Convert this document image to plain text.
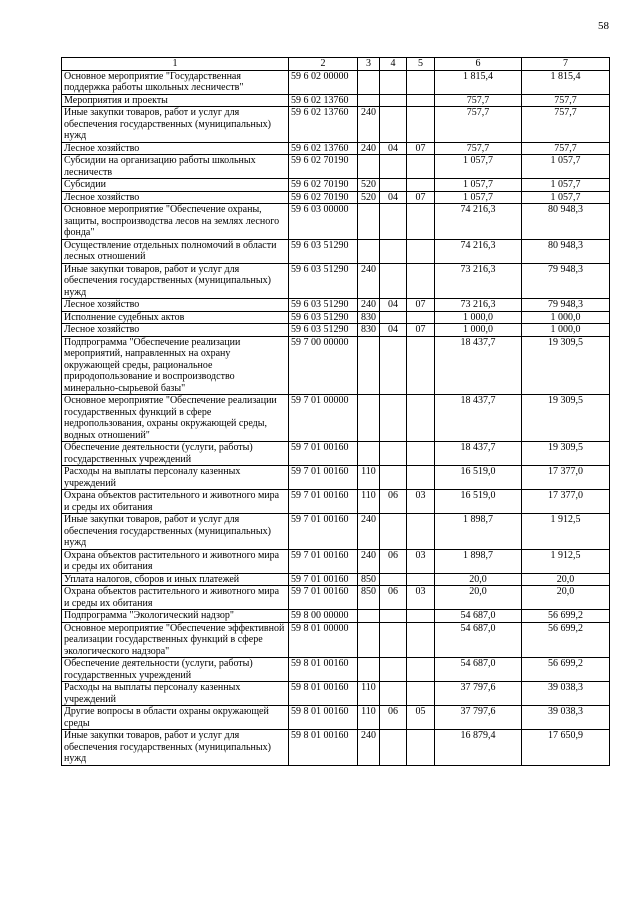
58
1	2	3	4	5	6	7
Основное мероприятие "Государственная поддержка работы школьных лесничеств"	59 6 02 00000				1 815,4	1 815,4
Мероприятия и проекты	59 6 02 13760				757,7	757,7
Иные закупки товаров, работ и услуг для обеспечения государственных (муниципальных) нужд	59 6 02 13760	240			757,7	757,7
Лесное хозяйство	59 6 02 13760	240	04	07	757,7	757,7
Субсидии на организацию работы школьных лесничеств	59 6 02 70190				1 057,7	1 057,7
Субсидии	59 6 02 70190	520			1 057,7	1 057,7
Лесное хозяйство	59 6 02 70190	520	04	07	1 057,7	1 057,7
Основное мероприятие "Обеспечение охраны, защиты, воспроизводства лесов на землях лесного фонда"	59 6 03 00000				74 216,3	80 948,3
Осуществление отдельных полномочий в области лесных отношений	59 6 03 51290				74 216,3	80 948,3
Иные закупки товаров, работ и услуг для обеспечения государственных (муниципальных) нужд	59 6 03 51290	240			73 216,3	79 948,3
Лесное хозяйство	59 6 03 51290	240	04	07	73 216,3	79 948,3
Исполнение судебных актов	59 6 03 51290	830			1 000,0	1 000,0
Лесное хозяйство	59 6 03 51290	830	04	07	1 000,0	1 000,0
Подпрограмма "Обеспечение реализации мероприятий, направленных на охрану окружающей среды, рациональное природопользование и воспроизводство минерально-сырьевой базы"	59 7 00 00000				18 437,7	19 309,5
Основное мероприятие "Обеспечение реализации государственных функций в сфере недропользования, охраны окружающей среды, водных отношений"	59 7 01 00000				18 437,7	19 309,5
Обеспечение деятельности (услуги, работы) государственных учреждений	59 7 01 00160				18 437,7	19 309,5
Расходы на выплаты персоналу казенных учреждений	59 7 01 00160	110			16 519,0	17 377,0
Охрана объектов растительного и животного мира и среды их обитания	59 7 01 00160	110	06	03	16 519,0	17 377,0
Иные закупки товаров, работ и услуг для обеспечения государственных (муниципальных) нужд	59 7 01 00160	240			1 898,7	1 912,5
Охрана объектов растительного и животного мира и среды их обитания	59 7 01 00160	240	06	03	1 898,7	1 912,5
Уплата налогов, сборов и иных платежей	59 7 01 00160	850			20,0	20,0
Охрана объектов растительного и животного мира и среды их обитания	59 7 01 00160	850	06	03	20,0	20,0
Подпрограмма "Экологический надзор"	59 8 00 00000				54 687,0	56 699,2
Основное мероприятие "Обеспечение эффективной реализации государственных функций в сфере экологического надзора"	59 8 01 00000				54 687,0	56 699,2
Обеспечение деятельности (услуги, работы) государственных учреждений	59 8 01 00160				54 687,0	56 699,2
Расходы на выплаты персоналу казенных учреждений	59 8 01 00160	110			37 797,6	39 038,3
Другие вопросы в области охраны окружающей среды	59 8 01 00160	110	06	05	37 797,6	39 038,3
Иные закупки товаров, работ и услуг для обеспечения государственных (муниципальных) нужд	59 8 01 00160	240			16 879,4	17 650,9
